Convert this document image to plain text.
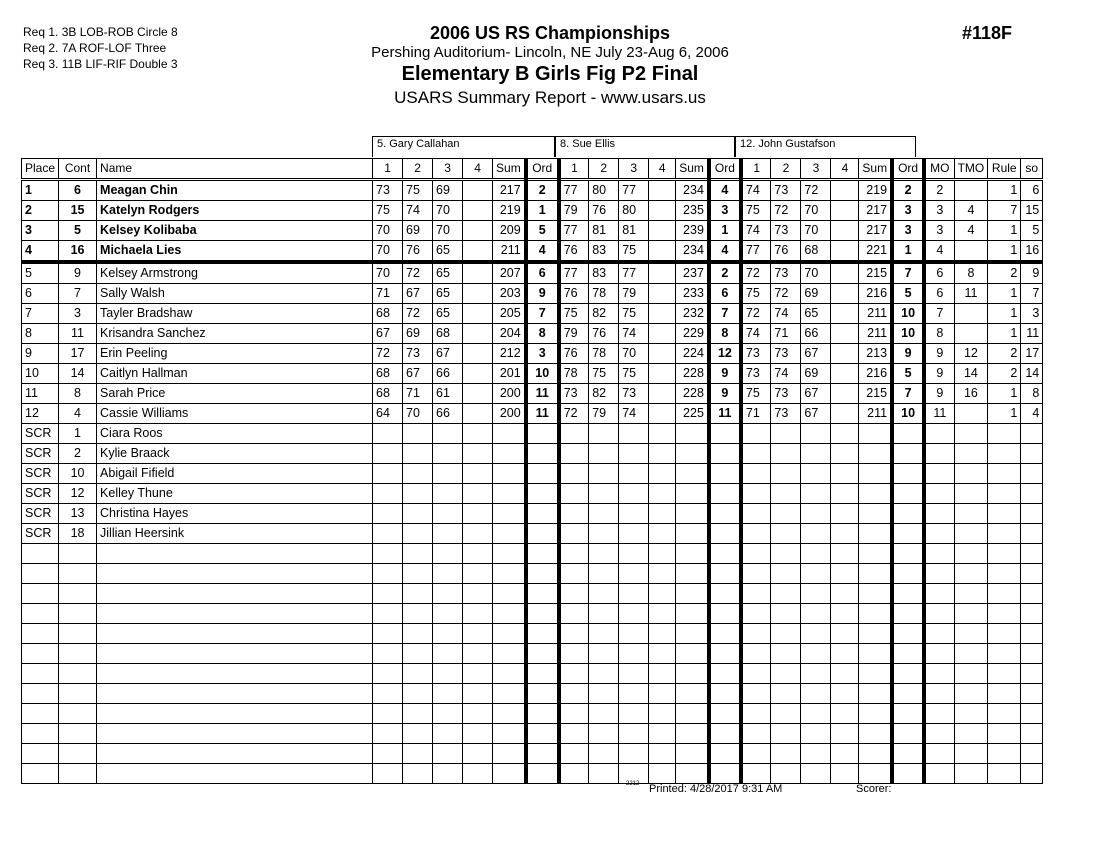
Req 1. 3B LOB-ROB Circle 8
Req 2. 7A ROF-LOF Three
Req 3. 11B LIF-RIF Double 3
2006 US RS Championships
Pershing Auditorium- Lincoln, NE July 23-Aug 6, 2006
Elementary B Girls Fig P2 Final
USARS Summary Report - www.usars.us
#118F
5. Gary Callahan	8. Sue Ellis	12. John Gustafson
Place	Cont	Name	1	2	3	4	Sum	Ord	1	2	3	4	Sum	Ord	1	2	3	4	Sum	Ord	MO	TMO	Rule	so
1	6	Meagan Chin	73	75	69		217	2	77	80	77		234	4	74	73	72		219	2	2		1	6
2	15	Katelyn Rodgers	75	74	70		219	1	79	76	80		235	3	75	72	70		217	3	3	4	7	15
3	5	Kelsey Kolibaba	70	69	70		209	5	77	81	81		239	1	74	73	70		217	3	3	4	1	5
4	16	Michaela Lies	70	76	65		211	4	76	83	75		234	4	77	76	68		221	1	4		1	16
5	9	Kelsey Armstrong	70	72	65		207	6	77	83	77		237	2	72	73	70		215	7	6	8	2	9
6	7	Sally Walsh	71	67	65		203	9	76	78	79		233	6	75	72	69		216	5	6	11	1	7
7	3	Tayler Bradshaw	68	72	65		205	7	75	82	75		232	7	72	74	65		211	10	7		1	3
8	11	Krisandra Sanchez	67	69	68		204	8	79	76	74		229	8	74	71	66		211	10	8		1	11
9	17	Erin Peeling	72	73	67		212	3	76	78	70		224	12	73	73	67		213	9	9	12	2	17
10	14	Caitlyn Hallman	68	67	66		201	10	78	75	75		228	9	73	74	69		216	5	9	14	2	14
11	8	Sarah Price	68	71	61		200	11	73	82	73		228	9	75	73	67		215	7	9	16	1	8
12	4	Cassie Williams	64	70	66		200	11	72	79	74		225	11	71	73	67		211	10	11		1	4
SCR	1	Ciara Roos																						
SCR	2	Kylie Braack																						
SCR	10	Abigail Fifield																						
SCR	12	Kelley Thune																						
SCR	13	Christina Hayes																						
SCR	18	Jillian Heersink																						

2212 Printed: 4/28/2017 9:31 AM	Scorer:
